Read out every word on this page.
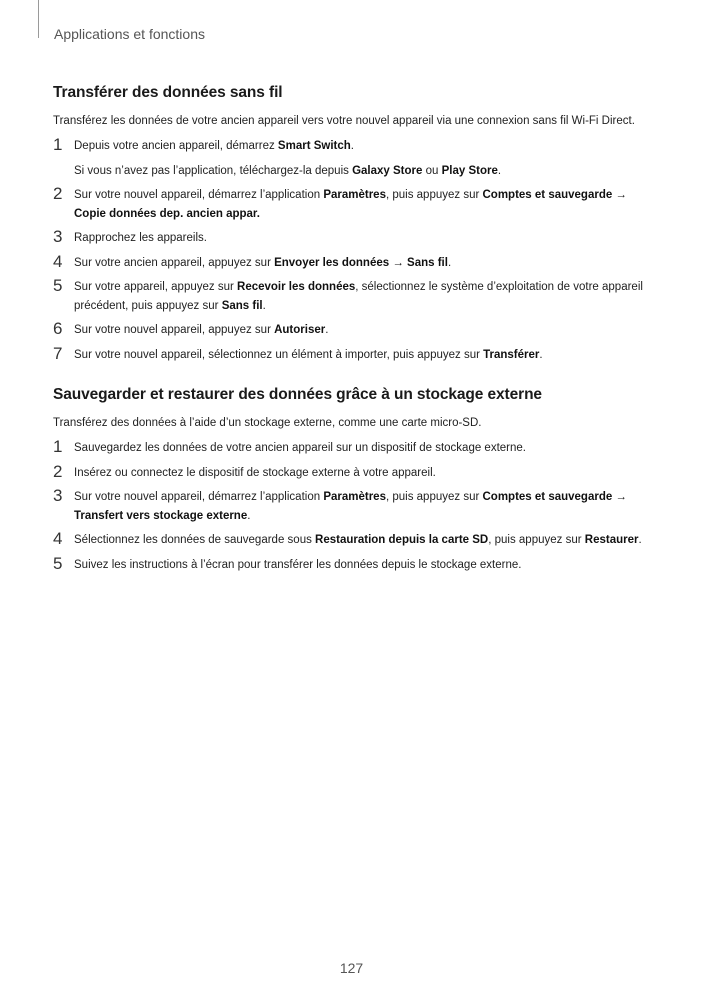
Applications et fonctions
Transférer des données sans fil

Transférez les données de votre ancien appareil vers votre nouvel appareil via une connexion sans fil Wi-Fi Direct.

1 Depuis votre ancien appareil, démarrez Smart Switch.
Si vous n’avez pas l’application, téléchargez-la depuis Galaxy Store ou Play Store.
2 Sur votre nouvel appareil, démarrez l’application Paramètres, puis appuyez sur Comptes et sauvegarde → Copie données dep. ancien appar.
3 Rapprochez les appareils.
4 Sur votre ancien appareil, appuyez sur Envoyer les données → Sans fil.
5 Sur votre appareil, appuyez sur Recevoir les données, sélectionnez le système d’exploitation de votre appareil précédent, puis appuyez sur Sans fil.
6 Sur votre nouvel appareil, appuyez sur Autoriser.
7 Sur votre nouvel appareil, sélectionnez un élément à importer, puis appuyez sur Transférer.
Sauvegarder et restaurer des données grâce à un stockage externe

Transférez des données à l’aide d’un stockage externe, comme une carte micro-SD.

1 Sauvegardez les données de votre ancien appareil sur un dispositif de stockage externe.
2 Insérez ou connectez le dispositif de stockage externe à votre appareil.
3 Sur votre nouvel appareil, démarrez l’application Paramètres, puis appuyez sur Comptes et sauvegarde → Transfert vers stockage externe.
4 Sélectionnez les données de sauvegarde sous Restauration depuis la carte SD, puis appuyez sur Restaurer.
5 Suivez les instructions à l’écran pour transférer les données depuis le stockage externe.
127
